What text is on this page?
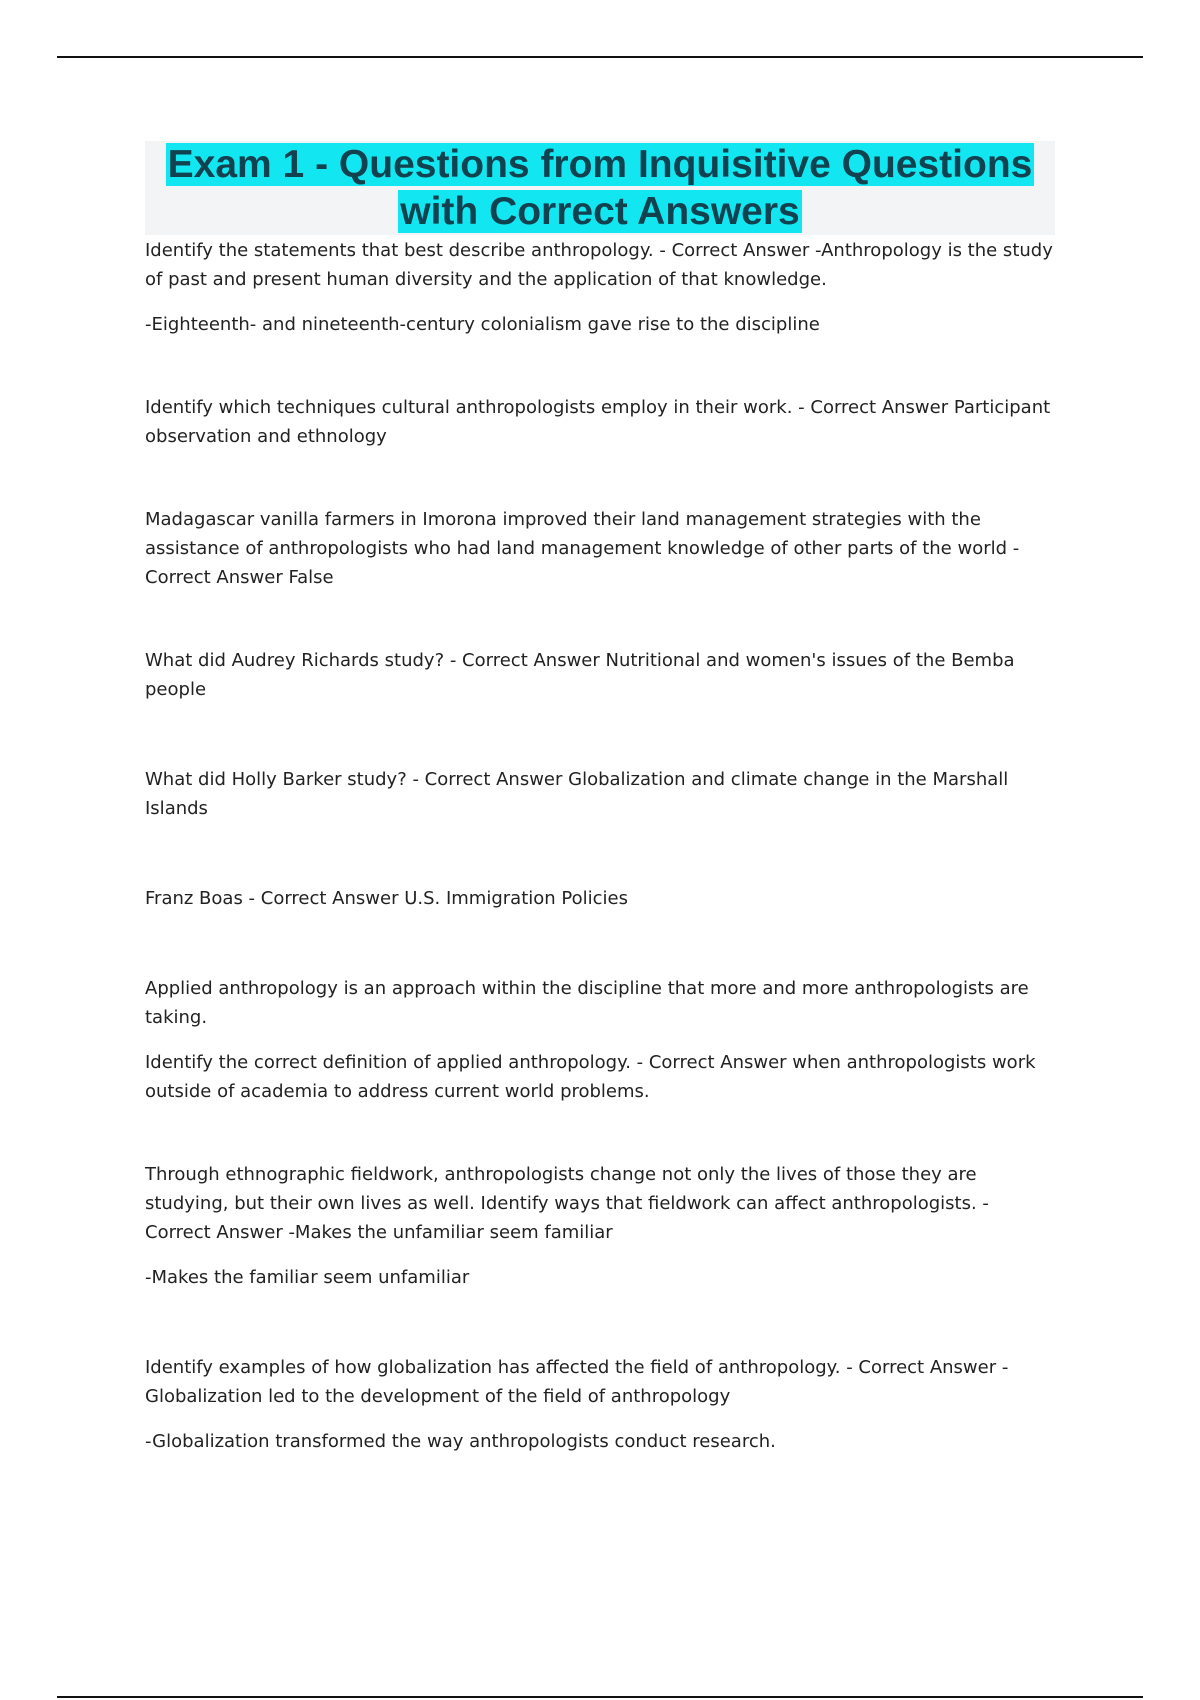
Exam 1 - Questions from Inquisitive Questions
with Correct Answers

Identify the statements that best describe anthropology. - Correct Answer -Anthropology is the study of past and present human diversity and the application of that knowledge.

-Eighteenth- and nineteenth-century colonialism gave rise to the discipline

Identify which techniques cultural anthropologists employ in their work. - Correct Answer Participant observation and ethnology

Madagascar vanilla farmers in Imorona improved their land management strategies with the assistance of anthropologists who had land management knowledge of other parts of the world - Correct Answer False

What did Audrey Richards study? - Correct Answer Nutritional and women's issues of the Bemba people

What did Holly Barker study? - Correct Answer Globalization and climate change in the Marshall Islands

Franz Boas - Correct Answer U.S. Immigration Policies

Applied anthropology is an approach within the discipline that more and more anthropologists are taking.

Identify the correct definition of applied anthropology. - Correct Answer when anthropologists work outside of academia to address current world problems.

Through ethnographic fieldwork, anthropologists change not only the lives of those they are studying, but their own lives as well. Identify ways that fieldwork can affect anthropologists. - Correct Answer -Makes the unfamiliar seem familiar

-Makes the familiar seem unfamiliar

Identify examples of how globalization has affected the field of anthropology. - Correct Answer - Globalization led to the development of the field of anthropology

-Globalization transformed the way anthropologists conduct research.
